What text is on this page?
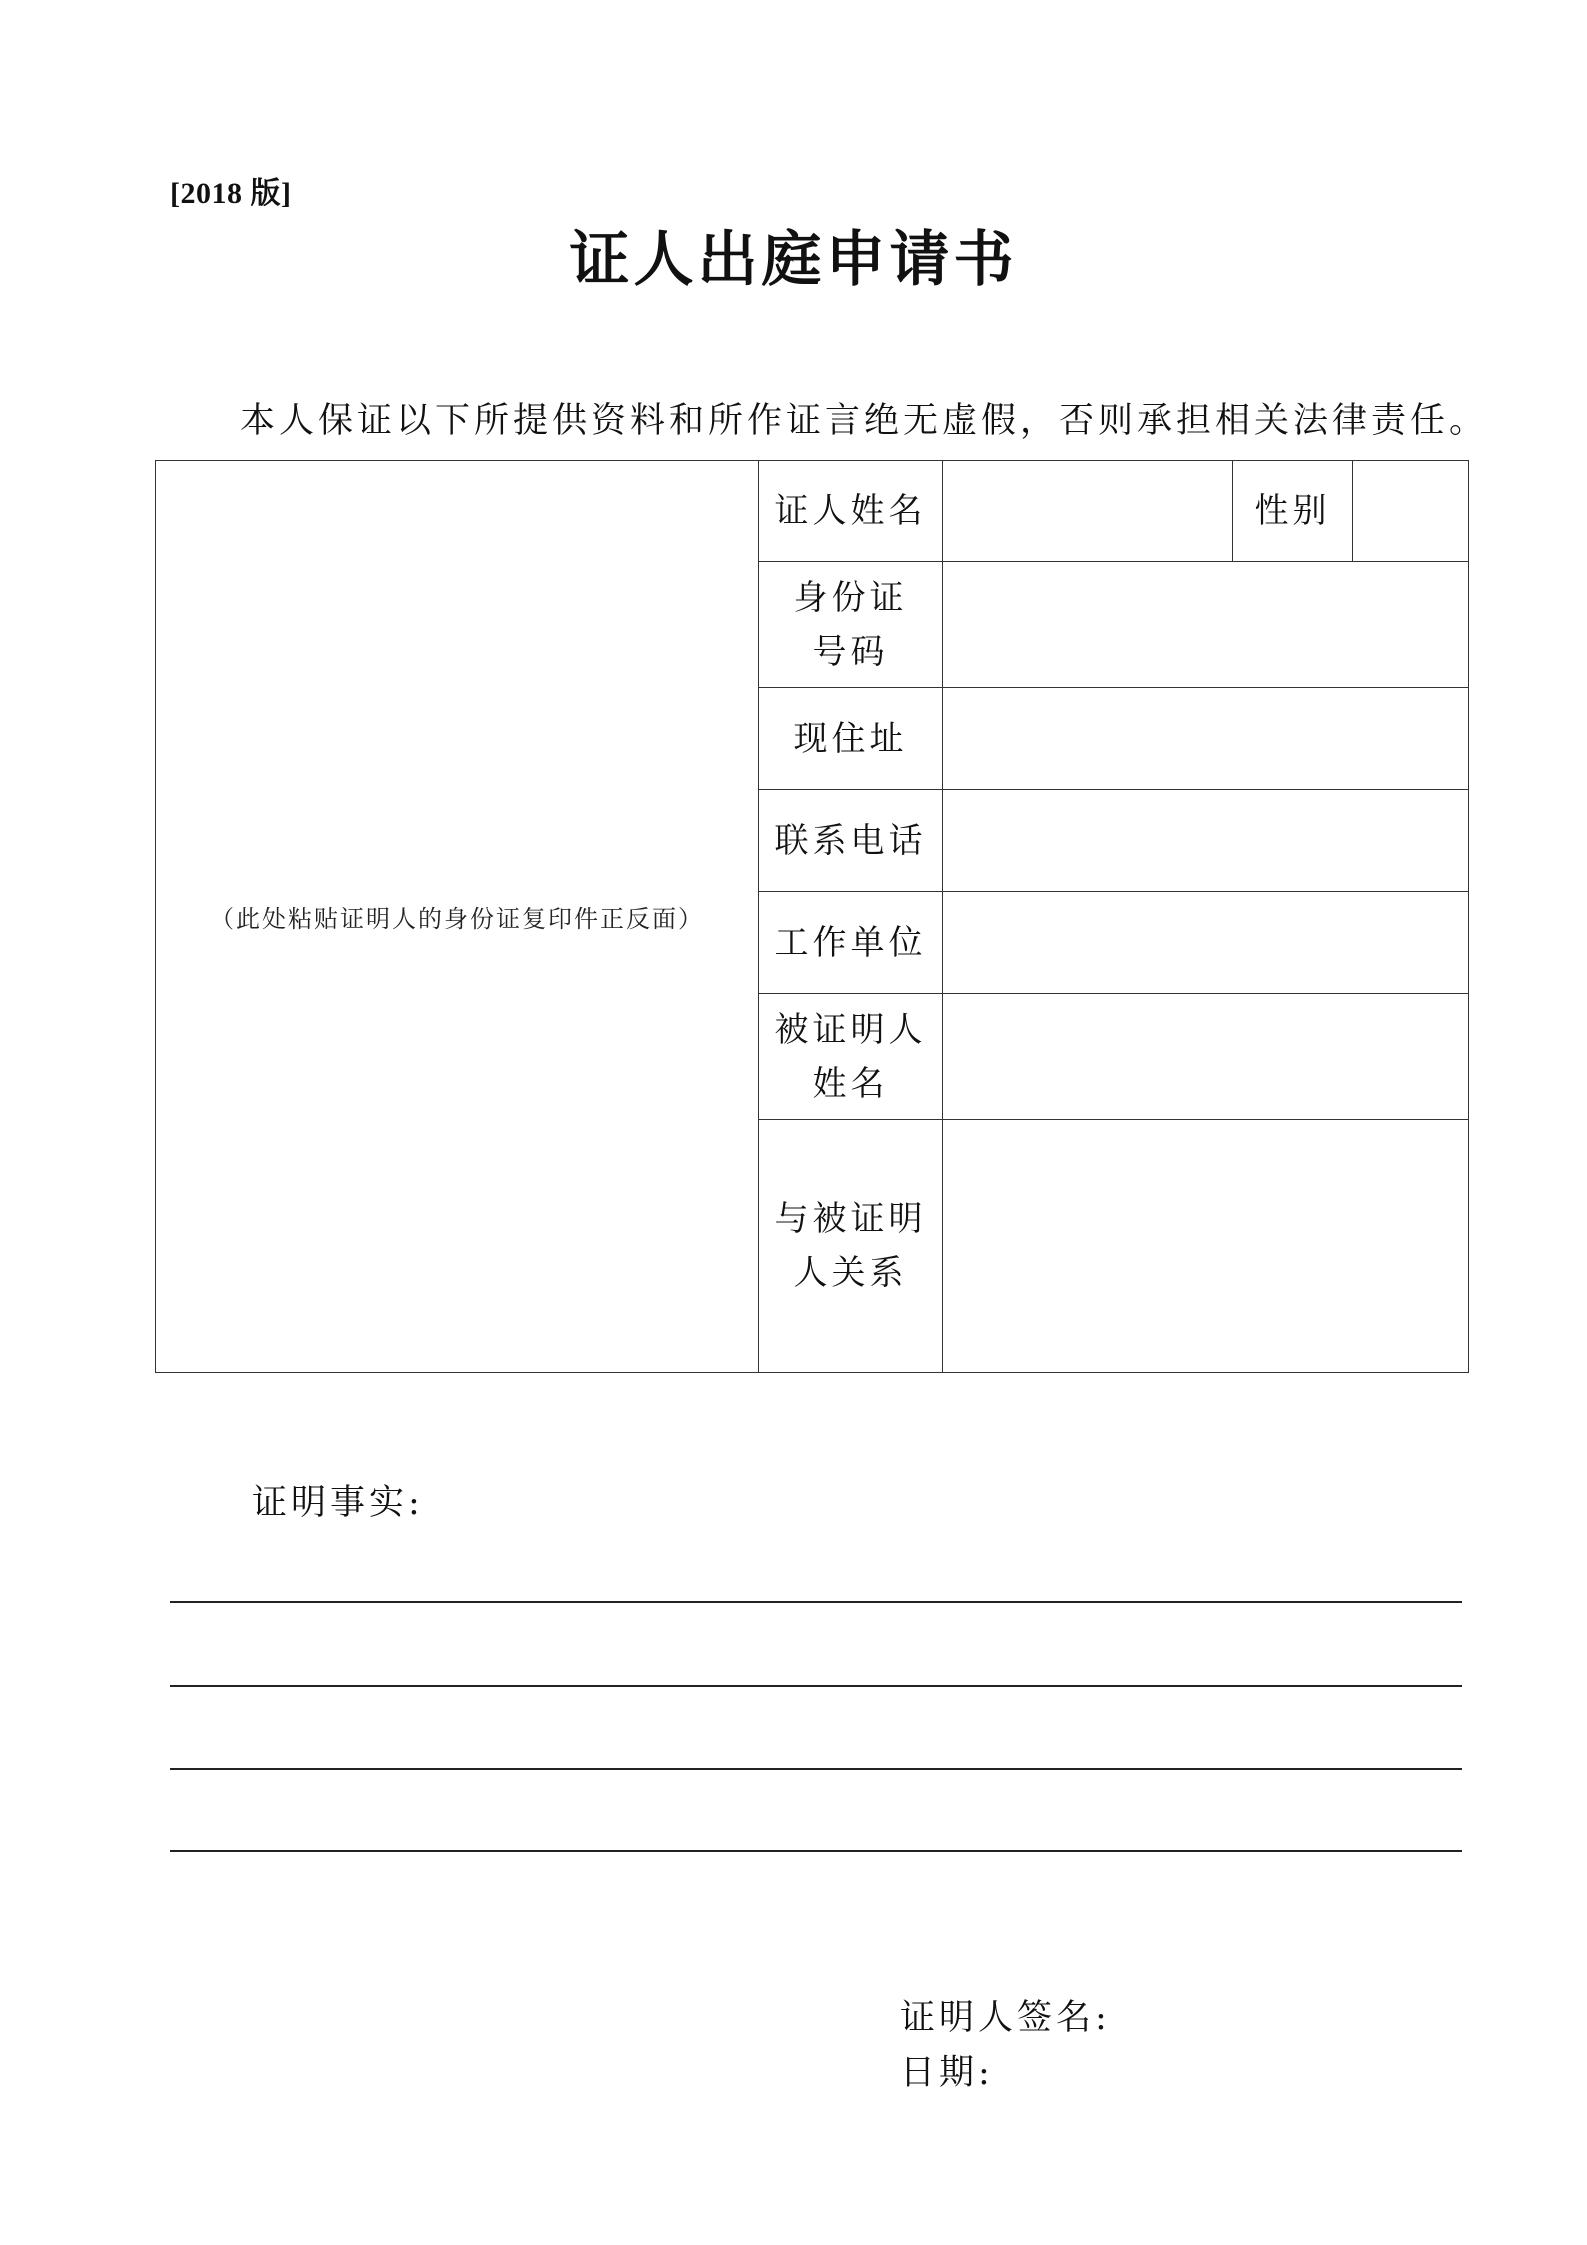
[2018 版]
证人出庭申请书
本人保证以下所提供资料和所作证言绝无虚假，否则承担相关法律责任。
（此处粘贴证明人的身份证复印件正反面）	证人姓名		性别	

	身份证
号码			

	现住址			
	联系电话			
	工作单位			

	被证明人
姓名			

	与被证明
人关系			

证明事实:
证明人签名:
日期:
